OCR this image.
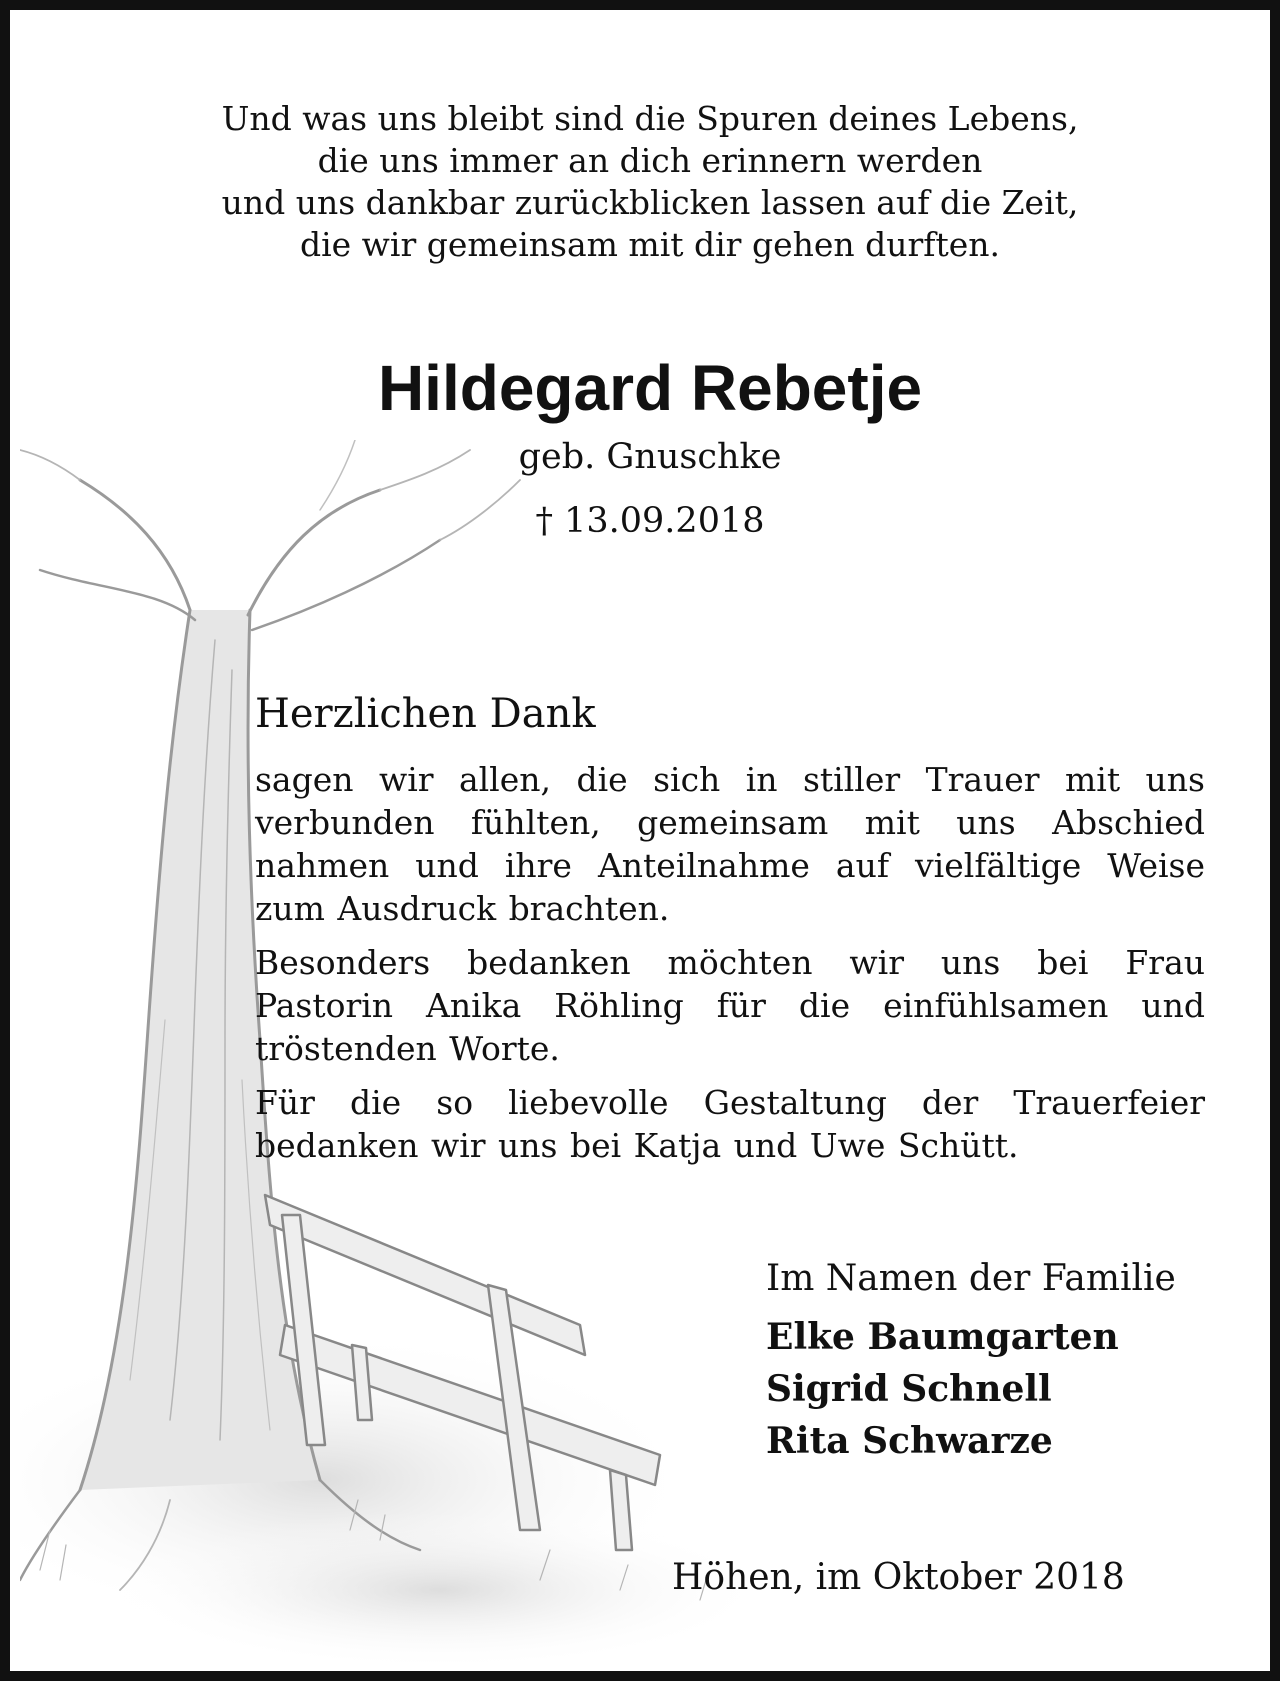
Und was uns bleibt sind die Spuren deines Lebens,
die uns immer an dich erinnern werden
und uns dankbar zurückblicken lassen auf die Zeit,
die wir gemeinsam mit dir gehen durften.
Hildegard Rebetje
geb. Gnuschke
† 13.09.2018
Herzlichen Dank

sagen wir allen, die sich in stiller Trauer mit uns verbunden fühlten, gemeinsam mit uns Abschied nahmen und ihre Anteilnahme auf vielfältige Weise zum Ausdruck brachten.

Besonders bedanken möchten wir uns bei Frau Pastorin Anika Röhling für die einfühlsamen und tröstenden Worte.

Für die so liebevolle Gestaltung der Trauerfeier bedanken wir uns bei Katja und Uwe Schütt.

Im Namen der Familie
Elke Baumgarten
Sigrid Schnell
Rita Schwarze
Höhen, im Oktober 2018
